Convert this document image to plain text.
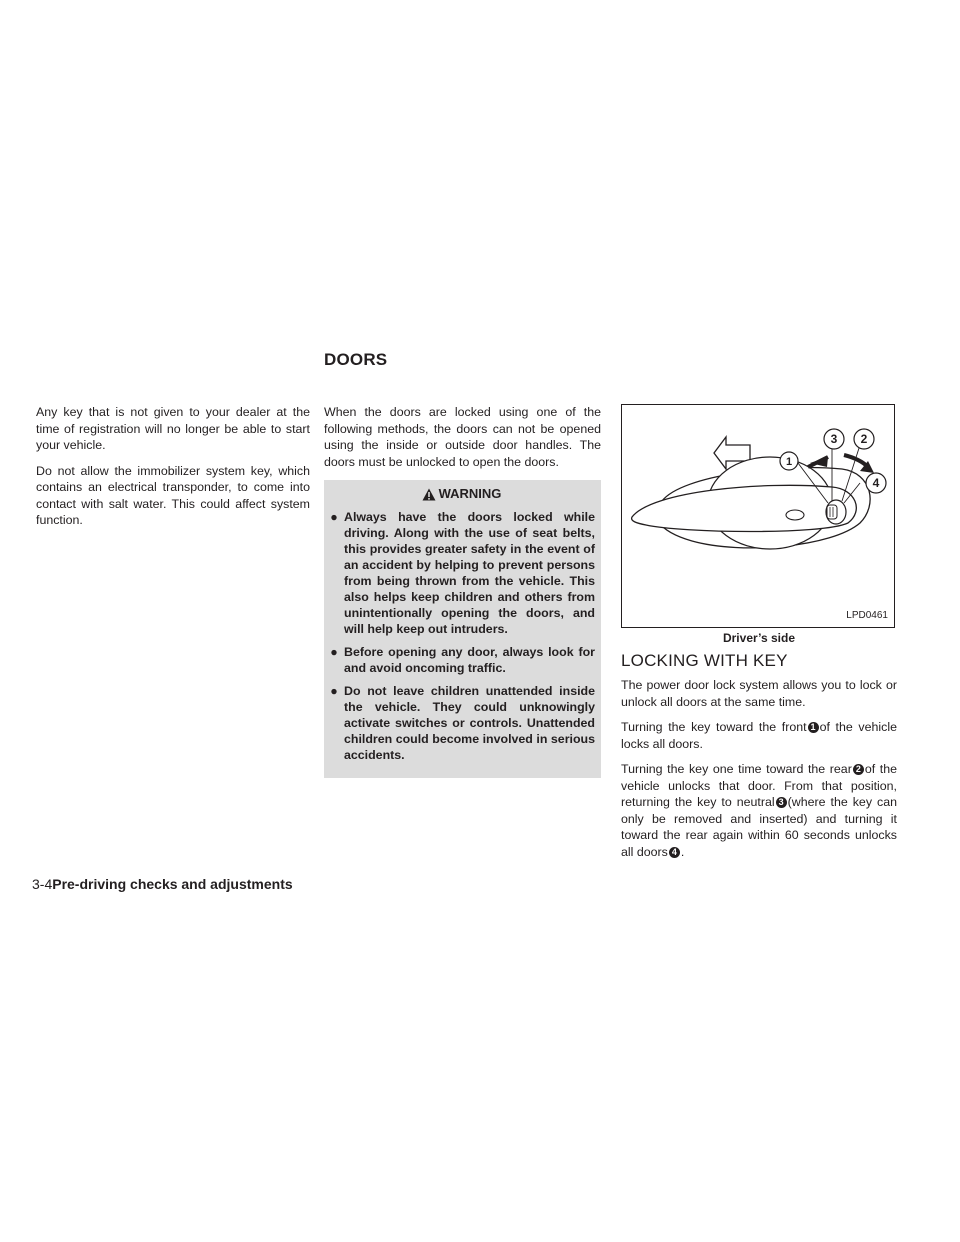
DOORS

Any key that is not given to your dealer at the time of registration will no longer be able to start your vehicle.

Do not allow the immobilizer system key, which contains an electrical transponder, to come into contact with salt water. This could affect system function.

When the doors are locked using one of the following methods, the doors can not be opened using the inside or outside door handles. The doors must be unlocked to open the doors.

WARNING
● Always have the doors locked while driving. Along with the use of seat belts, this provides greater safety in the event of an accident by helping to prevent persons from being thrown from the vehicle. This also helps keep children and others from unintentionally opening the doors, and will help keep out intruders.
● Before opening any door, always look for and avoid oncoming traffic.
● Do not leave children unattended inside the vehicle. They could unknowingly activate switches or controls. Unattended children could become involved in serious accidents.
1
3 2
4
LPD0461
Driver’s side
LOCKING WITH KEY

The power door lock system allows you to lock or unlock all doors at the same time.

Turning the key toward the front 1 of the vehicle locks all doors.

Turning the key one time toward the rear 2 of the vehicle unlocks that door. From that position, returning the key to neutral 3 (where the key can only be removed and inserted) and turning it toward the rear again within 60 seconds unlocks all doors 4 .

3-4Pre-driving checks and adjustments
